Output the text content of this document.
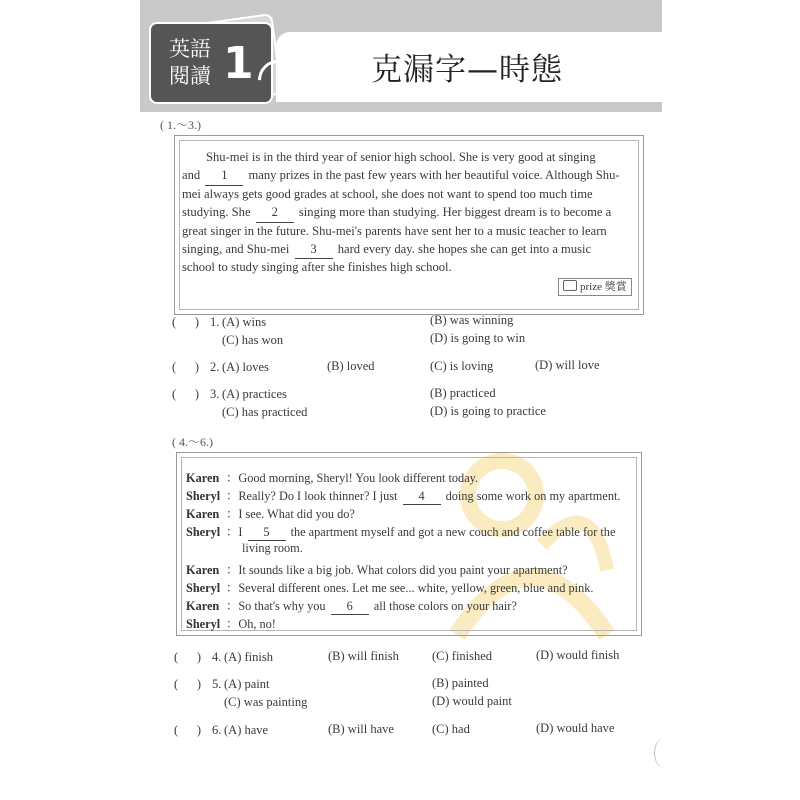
英語
閱讀 1	克漏字—時態
( 1.～3.)
Shu-mei is in the third year of senior high school. She is very good at singing
and 1 many prizes in the past few years with her beautiful voice. Although Shu-
mei always gets good grades at school, she does not want to spend too much time
studying. She 2 singing more than studying. Her biggest dream is to become a
great singer in the future. Shu-mei's parents have sent her to a music teacher to learn
singing, and Shu-mei 3 hard every day. she hopes she can get into a music
school to study singing after she finishes high school.
prize 獎賞
(      ) 1. (A) wins	(B) was winning
(C) has won	(D) is going to win
(      ) 2. (A) loves	(B) loved	(C) is loving	(D) will love
(      ) 3. (A) practices	(B) practiced
(C) has practiced	(D) is going to practice
( 4.～6.)
Karen ：Good morning, Sheryl! You look different today.
Sheryl ：Really? Do I look thinner? I just 4 doing some work on my apartment.
Karen ：I see. What did you do?
Sheryl ：I 5 the apartment myself and got a new couch and coffee table for the
living room.
Karen ：It sounds like a big job. What colors did you paint your apartment?
Sheryl ：Several different ones. Let me see... white, yellow, green, blue and pink.
Karen ：So that's why you 6 all those colors on your hair?
Sheryl ：Oh, no!
(      ) 4. (A) finish	(B) will finish	(C) finished	(D) would finish
(      ) 5. (A) paint	(B) painted
(C) was painting	(D) would paint
(      ) 6. (A) have	(B) will have	(C) had	(D) would have
